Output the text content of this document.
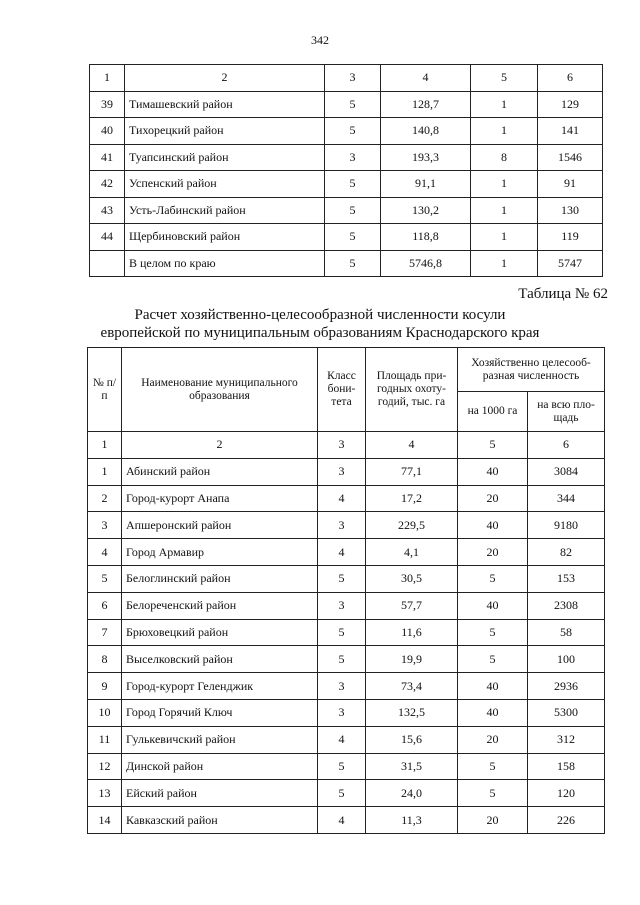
342
1	2	3	4	5	6
39	Тимашевский район	5	128,7	1	129
40	Тихорецкий район	5	140,8	1	141
41	Туапсинский район	3	193,3	8	1546
42	Успенский район	5	91,1	1	91
43	Усть-Лабинский район	5	130,2	1	130
44	Щербиновский район	5	118,8	1	119
	В целом по краю	5	5746,8	1	5747
Таблица № 62
Расчет хозяйственно-целесообразной численности косули
европейской по муниципальным образованиям Краснодарского края
№ п/п	Наименование муниципального образования	Класс бони-тета	Площадь при-годных охоту-годий, тыс. га	Хозяйственно целесооб-разная численность	
				на 1000 га	на всю пло-щадь
1	2	3	4	5	6
1	Абинский район	3	77,1	40	3084
2	Город-курорт Анапа	4	17,2	20	344
3	Апшеронский район	3	229,5	40	9180
4	Город Армавир	4	4,1	20	82
5	Белоглинский район	5	30,5	5	153
6	Белореченский район	3	57,7	40	2308
7	Брюховецкий район	5	11,6	5	58
8	Выселковский район	5	19,9	5	100
9	Город-курорт Геленджик	3	73,4	40	2936
10	Город Горячий Ключ	3	132,5	40	5300
11	Гулькевичский район	4	15,6	20	312
12	Динской район	5	31,5	5	158
13	Ейский район	5	24,0	5	120
14	Кавказский район	4	11,3	20	226
